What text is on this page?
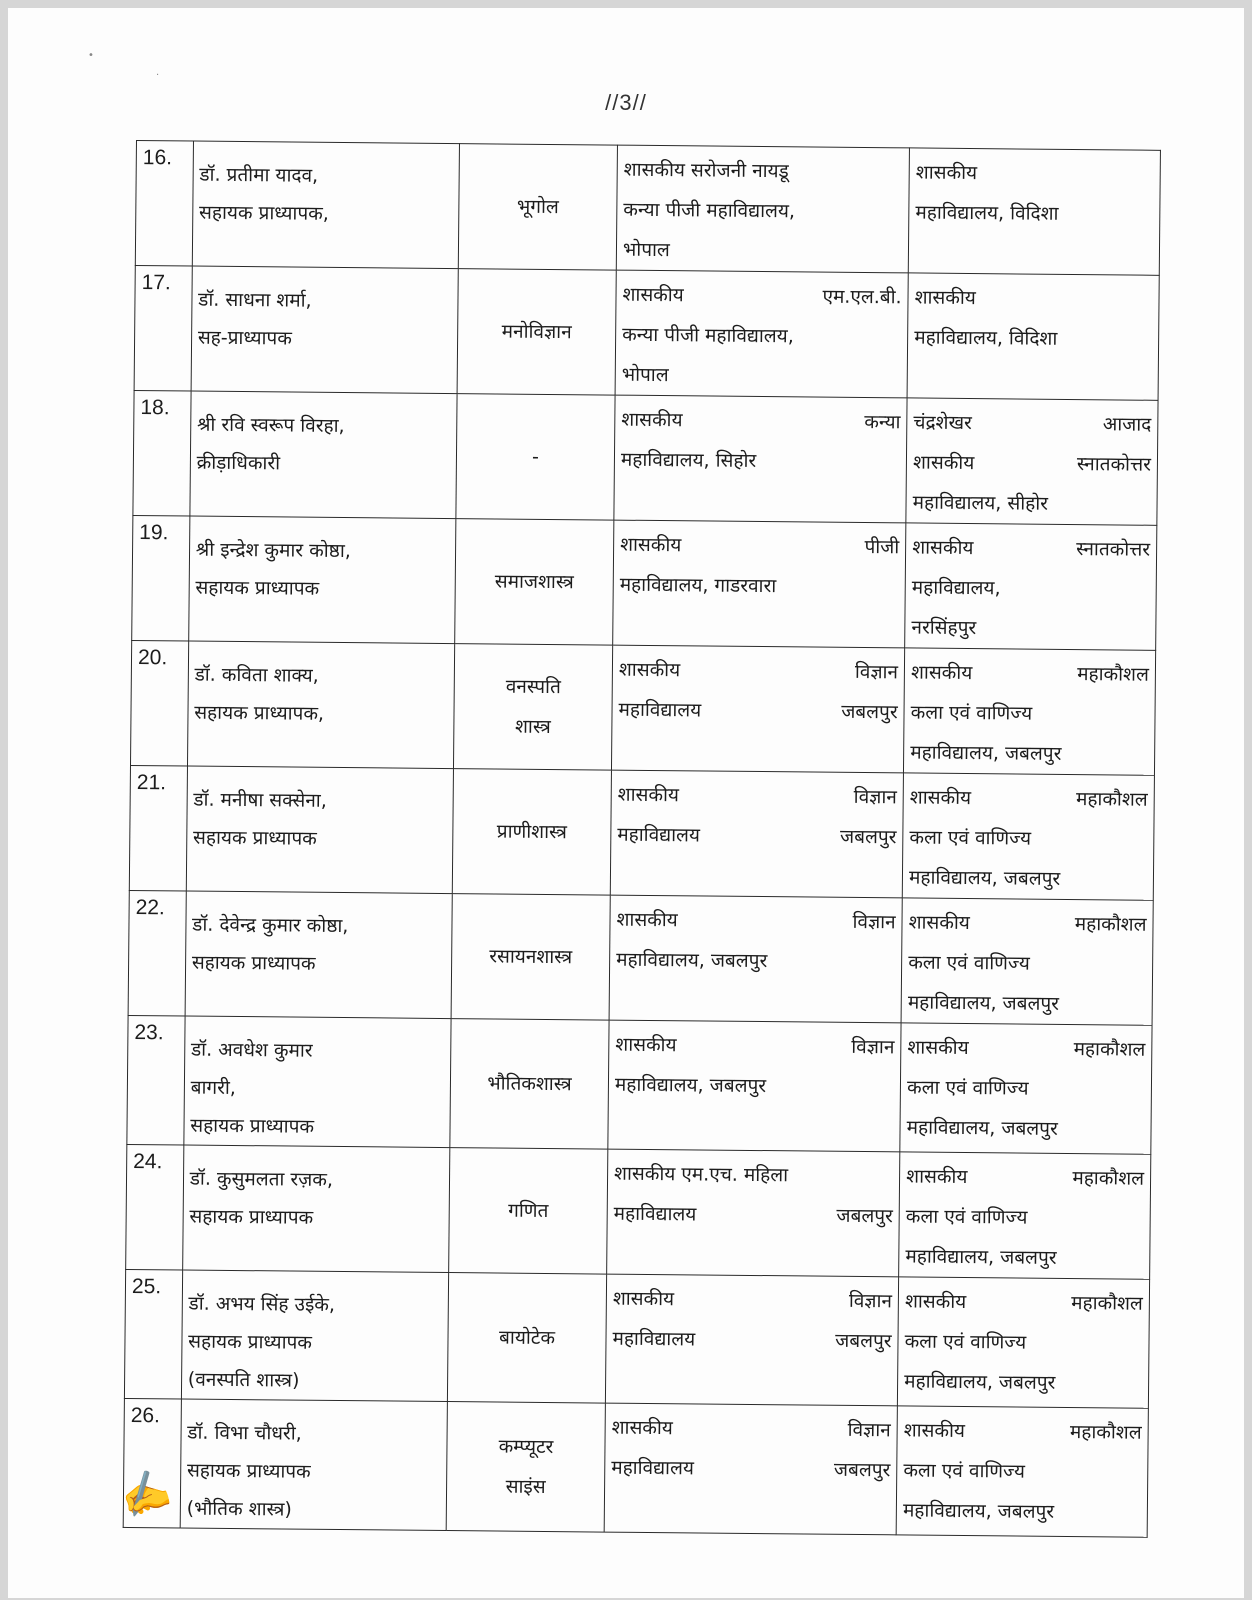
•
·
//3//
16.	डॉ. प्रतीमा यादव,
सहायक प्राध्यापक,	भूगोल	शासकीय सरोजनी नायडू
कन्या पीजी महाविद्यालय,
भोपाल	शासकीय
महाविद्यालय, विदिशा

17.	डॉ. साधना शर्मा,
सह-प्राध्यापक	मनोविज्ञान	शासकीय एम.एल.बी.
कन्या पीजी महाविद्यालय,
भोपाल	शासकीय
महाविद्यालय, विदिशा

18.	श्री रवि स्वरूप विरहा,
क्रीड़ाधिकारी	-	शासकीय कन्या
महाविद्यालय, सिहोर	चंद्रशेखर आजाद
शासकीय स्नातकोत्तर
महाविद्यालय, सीहोर

19.	श्री इन्द्रेश कुमार कोष्ठा,
सहायक प्राध्यापक	समाजशास्त्र	शासकीय पीजी
महाविद्यालय, गाडरवारा	शासकीय स्नातकोत्तर
महाविद्यालय,
नरसिंहपुर

20.	डॉ. कविता शाक्य,
सहायक प्राध्यापक,	वनस्पति
शास्त्र	शासकीय विज्ञान
महाविद्यालय जबलपुर	शासकीय महाकौशल
कला एवं वाणिज्य
महाविद्यालय, जबलपुर

21.	डॉ. मनीषा सक्सेना,
सहायक प्राध्यापक	प्राणीशास्त्र	शासकीय विज्ञान
महाविद्यालय जबलपुर	शासकीय महाकौशल
कला एवं वाणिज्य
महाविद्यालय, जबलपुर

22.	डॉ. देवेन्द्र कुमार कोष्ठा,
सहायक प्राध्यापक	रसायनशास्त्र	शासकीय विज्ञान
महाविद्यालय, जबलपुर	शासकीय महाकौशल
कला एवं वाणिज्य
महाविद्यालय, जबलपुर

23.	डॉ. अवधेश कुमार
बागरी,
सहायक प्राध्यापक	भौतिकशास्त्र	शासकीय विज्ञान
महाविद्यालय, जबलपुर	शासकीय महाकौशल
कला एवं वाणिज्य
महाविद्यालय, जबलपुर

24.	डॉ. कुसुमलता रज़क,
सहायक प्राध्यापक	गणित	शासकीय एम.एच. महिला
महाविद्यालय जबलपुर	शासकीय महाकौशल
कला एवं वाणिज्य
महाविद्यालय, जबलपुर

25.	डॉ. अभय सिंह उईके,
सहायक प्राध्यापक
(वनस्पति शास्त्र)	बायोटेक	शासकीय विज्ञान
महाविद्यालय जबलपुर	शासकीय महाकौशल
कला एवं वाणिज्य
महाविद्यालय, जबलपुर

26.	डॉ. विभा चौधरी,
सहायक प्राध्यापक
(भौतिक शास्त्र)	कम्प्यूटर
साइंस	शासकीय विज्ञान
महाविद्यालय जबलपुर	शासकीय महाकौशल
कला एवं वाणिज्य
महाविद्यालय, जबलपुर
✍
